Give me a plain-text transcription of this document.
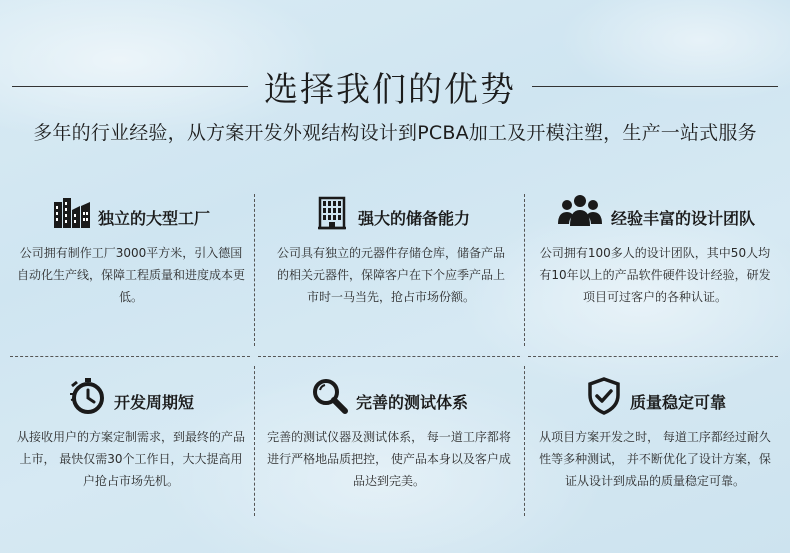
选择我们的优势
多年的行业经验，从方案开发外观结构设计到PCBA加工及开模注塑，生产一站式服务
独立的大型工厂
公司拥有制作工厂3000平方米，引入德国自动化生产线，保障工程质量和进度成本更低。
强大的储备能力
公司具有独立的元器件存储仓库，储备产品的相关元器件，保障客户在下个应季产品上市时一马当先，抢占市场份额。
经验丰富的设计团队
公司拥有100多人的设计团队，其中50人均有10年以上的产品软件硬件设计经验，研发项目可过客户的各种认证。
开发周期短
从接收用户的方案定制需求，到最终的产品上市， 最快仅需30个工作日，大大提高用户抢占市场先机。
完善的测试体系
完善的测试仪器及测试体系， 每一道工序都将进行严格地品质把控， 使产品本身以及客户成品达到完美。
质量稳定可靠
从项目方案开发之时， 每道工序都经过耐久性等多种测试， 并不断优化了设计方案，保证从设计到成品的质量稳定可靠。
